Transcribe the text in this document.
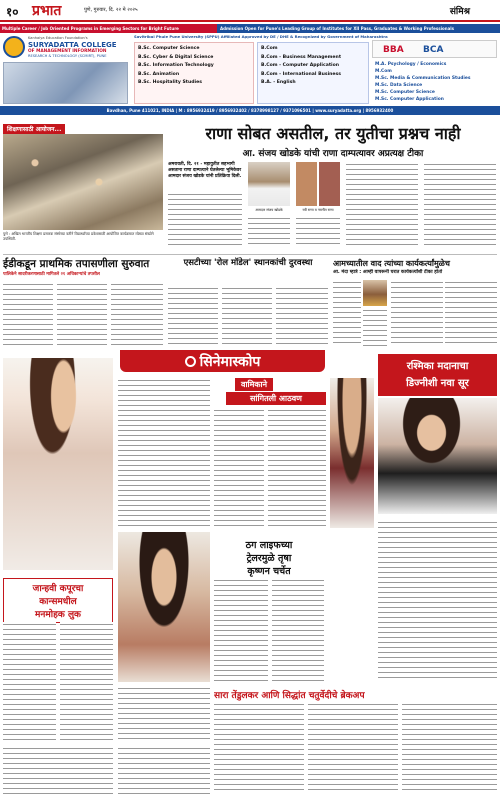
१० प्रभात	पुणे, गुरुवार, दि. २२ मे २०२५	संमिश्र
Multiple Career / Job Oriented Programs in Emerging Sectors for Bright Future	Admission Open for Pune's Leading Group of Institutes for XII Pass, Graduates & Working Professionals
Savitribai Phule Pune University (SPPU) Affiliated Approved by DE / DHE & Recognized by Government of Maharashtra
Kanhaiya Education Foundation's
SURYADATTA COLLEGE
OF MANAGEMENT INFORMATION
RESEARCH & TECHNOLOGY (SCMIRT), PUNE
B.Sc. Computer Science
B.Sc. Cyber & Digital Science
B.Sc. Information Technology
B.Sc. Animation
B.Sc. Hospitality Studies
B.Com
B.Com - Business Management
B.Com - Computer Application
B.Com - International Business
B.A. - English
BBA BCA
M.A. Psychology / Economics
M.Com
M.Sc. Media & Communication Studies
M.Sc. Data Science
M.Sc. Computer Science
M.Sc. Computer Application
Bavdhan, Pune 411021, INDIA | M : 8956932419 / 8956932402 / 8378998127 / 9371096501 | www.suryadatta.org | 8956932400
शिक्षणासाठी आयोजन...
पुणे : अखिल भारतीय शिक्षण प्रसारक संस्थेच्या वतीने विद्यार्थ्यांच्या प्रवेशासाठी आयोजित कार्यक्रमात मोठ्या संख्येने उपस्थिती.
राणा सोबत असतील, तर युतीचा प्रश्नच नाही
आ. संजय खोडके यांची राणा दाम्पत्यावर अप्रत्यक्ष टीका
अमरावती, दि. २१ - महायुतीत सहभागी असताना राणा दाम्पत्याने घेतलेल्या भूमिकेवर आमदार संजय खोडके यांनी प्रतिक्रिया दिली.
आमदार संजय खोडके	रवी राणा व नवनीत राणा
ईडीकडून प्राथमिक तपासणीला सुरुवात
पालिकेने सादरीकरणासाठी मागितले २१ अधिकाऱ्यांचे तपशील
एसटीच्या 'रोल मॉडेल' स्थानकांची दुरवस्था	आमच्यातील वाद त्यांच्या कार्यकर्त्यांमुळेच
आ. मंदा म्हात्रे : आम्ही वापरूनी घरात कार्यकर्त्यांशी टीका होतो
सिनेमास्कोप
जान्हवी कपूरचा
कान्समधील
मनमोहक लुक
वामिकाने
सांगितली आठवण
ठग लाइफच्या
ट्रेलरमुळे तृषा
कृष्णन चर्चेत
रश्मिका मदानाचा
डिज्नीशी नवा सूर
सारा तेंडुलकर आणि सिद्धांत चतुर्वेदीचे ब्रेकअप
